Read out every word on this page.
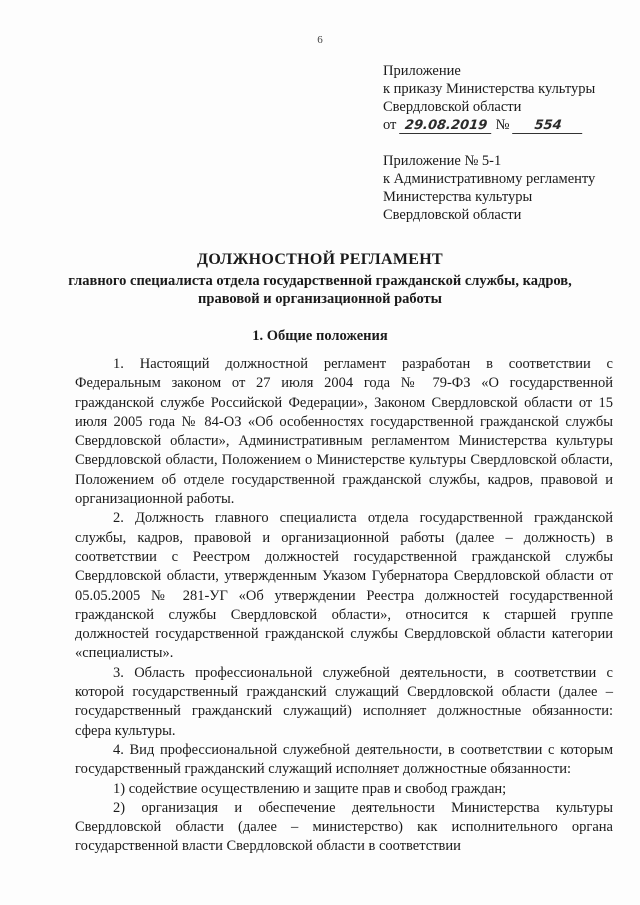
6
Приложение
к приказу Министерства культуры
Свердловской области
от 29.08.2019 № 554
Приложение № 5-1
к Административному регламенту
Министерства культуры
Свердловской области
ДОЛЖНОСТНОЙ РЕГЛАМЕНТ
главного специалиста отдела государственной гражданской службы, кадров,
правовой и организационной работы
1. Общие положения

1. Настоящий должностной регламент разработан в соответствии с Федеральным законом от 27 июля 2004 года № 79-ФЗ «О государственной гражданской службе Российской Федерации», Законом Свердловской области от 15 июля 2005 года № 84-ОЗ «Об особенностях государственной гражданской службы Свердловской области», Административным регламентом Министерства культуры Свердловской области, Положением о Министерстве культуры Свердловской области, Положением об отделе государственной гражданской службы, кадров, правовой и организационной работы.

2. Должность главного специалиста отдела государственной гражданской службы, кадров, правовой и организационной работы (далее – должность) в соответствии с Реестром должностей государственной гражданской службы Свердловской области, утвержденным Указом Губернатора Свердловской области от 05.05.2005 № 281-УГ «Об утверждении Реестра должностей государственной гражданской службы Свердловской области», относится к старшей группе должностей государственной гражданской службы Свердловской области категории «специалисты».

3. Область профессиональной служебной деятельности, в соответствии с которой государственный гражданский служащий Свердловской области (далее – государственный гражданский служащий) исполняет должностные обязанности: сфера культуры.

4. Вид профессиональной служебной деятельности, в соответствии с которым государственный гражданский служащий исполняет должностные обязанности:

1) содействие осуществлению и защите прав и свобод граждан;

2) организация и обеспечение деятельности Министерства культуры Свердловской области (далее – министерство) как исполнительного органа государственной власти Свердловской области в соответствии
